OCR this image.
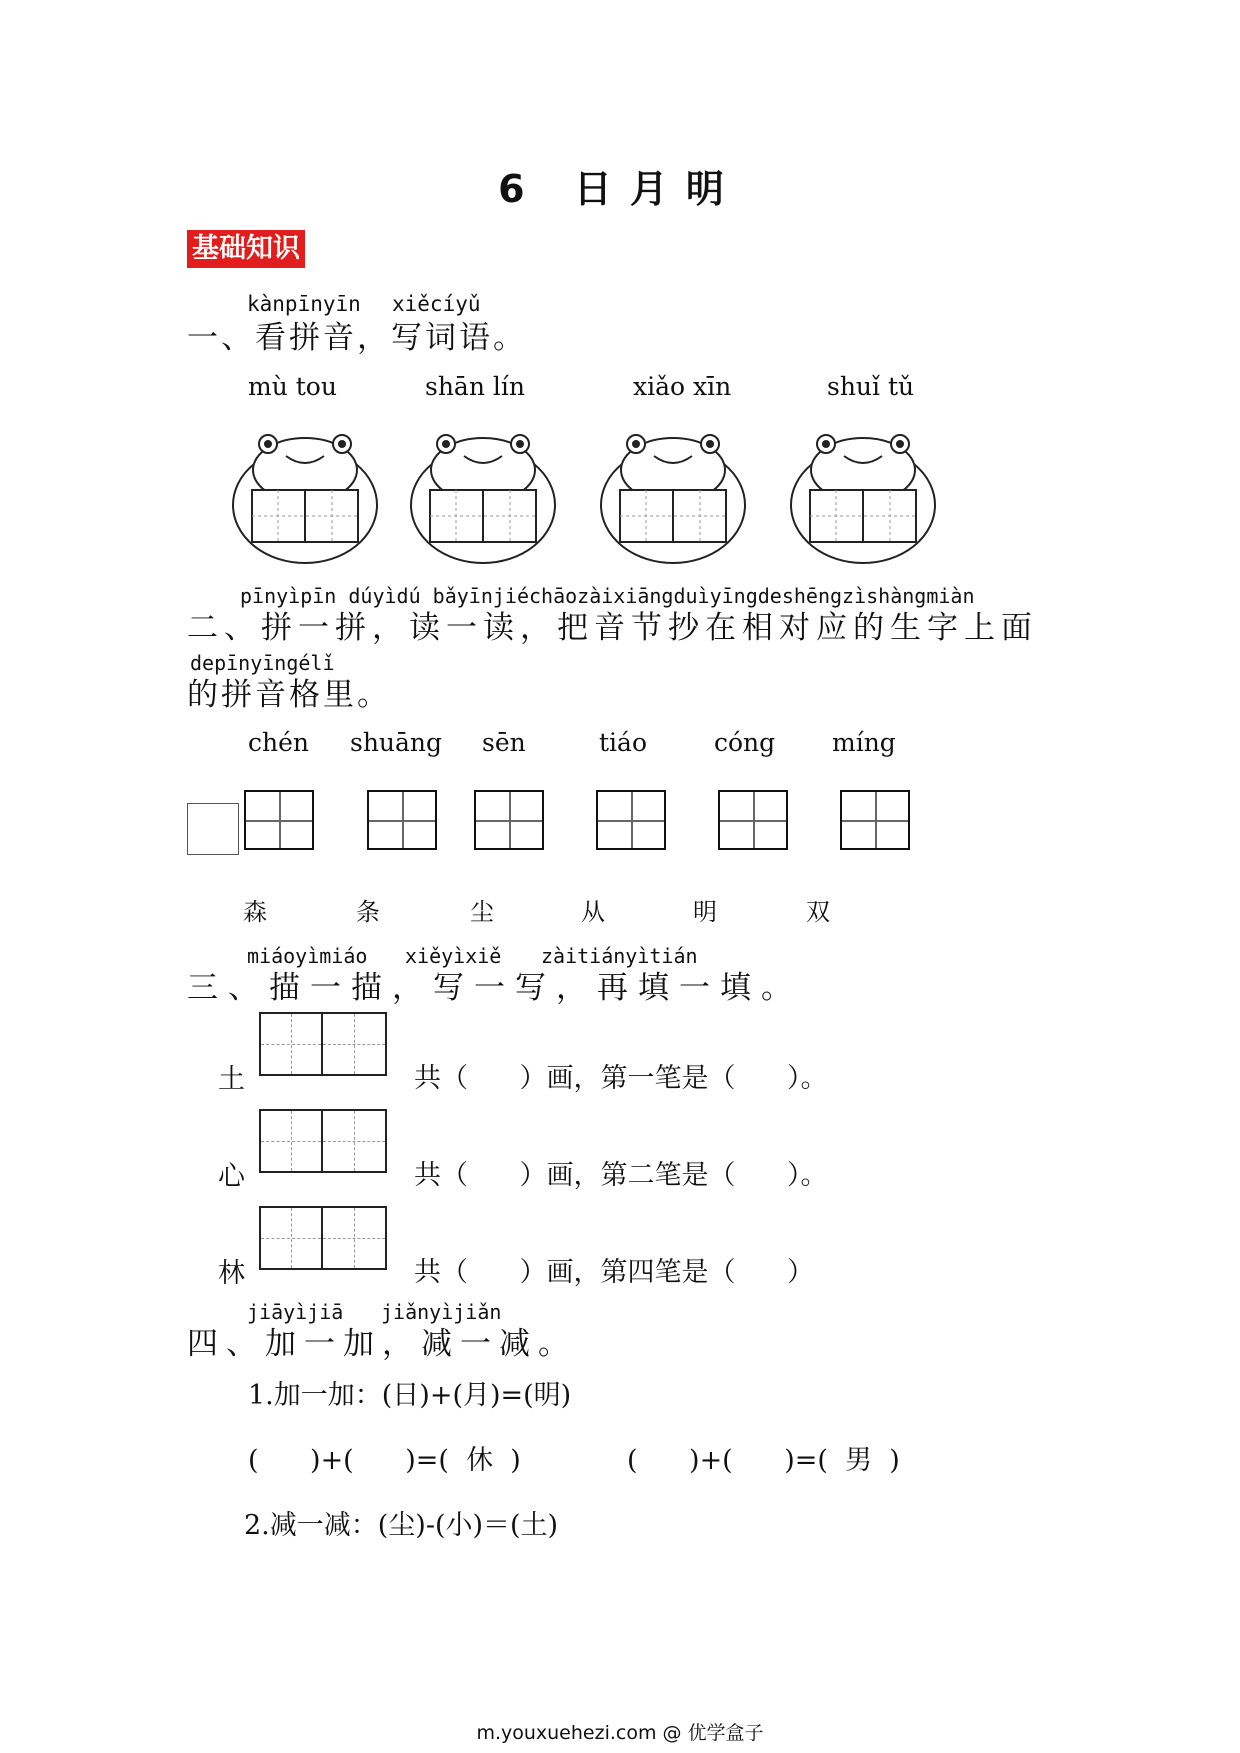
6 日月明
基础知识
kànpīnyīn xiěcíyǔ
一、看拼音，写词语。
mù tou	shān lín	xiǎo xīn	shuǐ tǔ
pīnyìpīn dúyìdú bǎyīnjiéchāozàixiāngduìyīngdeshēngzìshàngmiàn
二、拼一拼，读一读，把音节抄在相对应的生字上面
depīnyīngélǐ
的拼音格里。
chén shuāng sēn	tiáo	cóng míng
森	条	尘	从	明	双
miáoyìmiáo xiěyìxiě zàitiányìtián
三、描一描，写一写，再填一填。
土	共（      ）画，第一笔是（      ）。
心	共（      ）画，第二笔是（      ）。
林	共（      ）画，第四笔是（      ）
jiāyìjiā jiǎnyìjiǎn
四、加一加，减一减。
1.加一加：(日)+(月)=(明)
(      )+(      )=(  休  )	(      )+(      )=(  男  )
2.减一减：(尘)-(小)＝(土)
m.youxuehezi.com @ 优学盒子
